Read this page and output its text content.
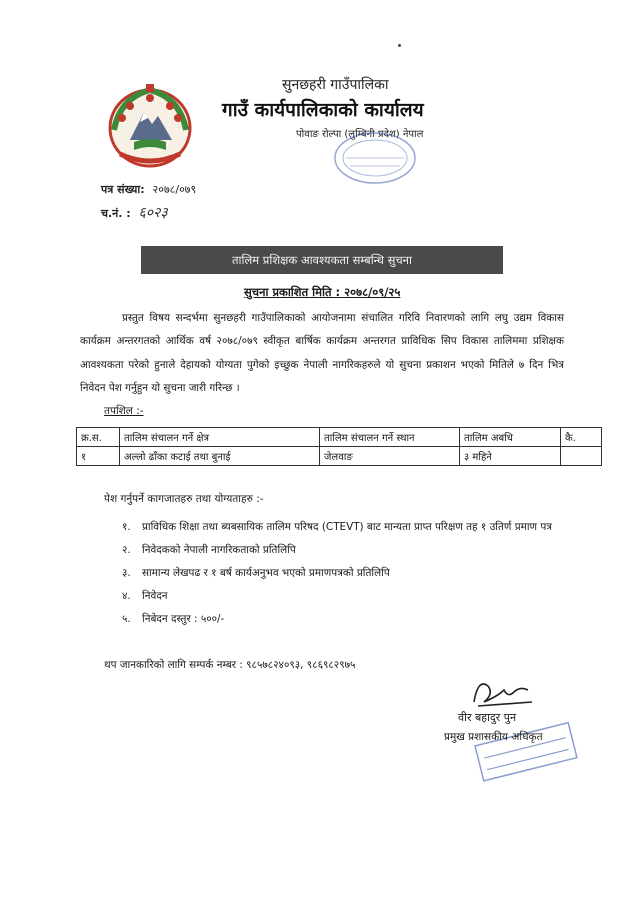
सुनछहरी गाउँपालिका
गाउँ कार्यपालिकाको कार्यालय
पोवाङ रोल्पा (लुम्बिनी प्रदेश) नेपाल
पत्र संख्या: २०७८/०७९
च.नं. : ६०२३
तालिम प्रशिक्षक आवश्यकता सम्बन्धि सुचना
सुचना प्रकाशित मिति : २०७८/०९/२५
प्रस्तुत विषय सन्दर्भमा सुनछहरी गाउँपालिकाको आयोजनामा संचालित गरिवि निवारणको लागि लघु उद्यम विकास कार्यक्रम अन्तरगतको आर्थिक वर्ष २०७८/०७९ स्वीकृत बार्षिक कार्यक्रम अन्तरगत प्राविधिक सिप विकास तालिममा प्रशिक्षक आवश्यकता परेको हुनाले देहायको योग्यता पुगेको इच्छुक नेपाली नागरिकहरुले यो सुचना प्रकाशन भएको मितिले ७ दिन भित्र निवेदन पेश गर्नुहुन यो सुचना जारी गरिन्छ ।
तपशिल :-
क्र.स.	तालिम संचालन गर्ने क्षेत्र	तालिम संचालन गर्ने स्थान	तालिम अबधि	कै.
१	अल्लो ढाँका कटाई तथा बुनाई	जेलवाङ	३ महिने	
पेश गर्नुपर्ने कागजातहरु तथा योग्यताहरु :-
१. प्राविधिक शिक्षा तथा ब्यबसायिक तालिम परिषद (CTEVT) बाट मान्यता प्राप्त परिक्षण तह १ उतिर्ण प्रमाण पत्र
२. निवेदकको नेपाली नागरिकताको प्रतिलिपि
३. सामान्य लेखपढ र १ बर्ष कार्यअनुभव भएको प्रमाणपत्रको प्रतिलिपि
४. निवेदन
५. निबेदन दस्तुर : ५००/-
थप जानकारिको लागि सम्पर्क नम्बर : ९८५७८२४०९३, ९८६९८२९७५
वीर बहादुर पुन
प्रमुख प्रशासकीय अधिकृत
